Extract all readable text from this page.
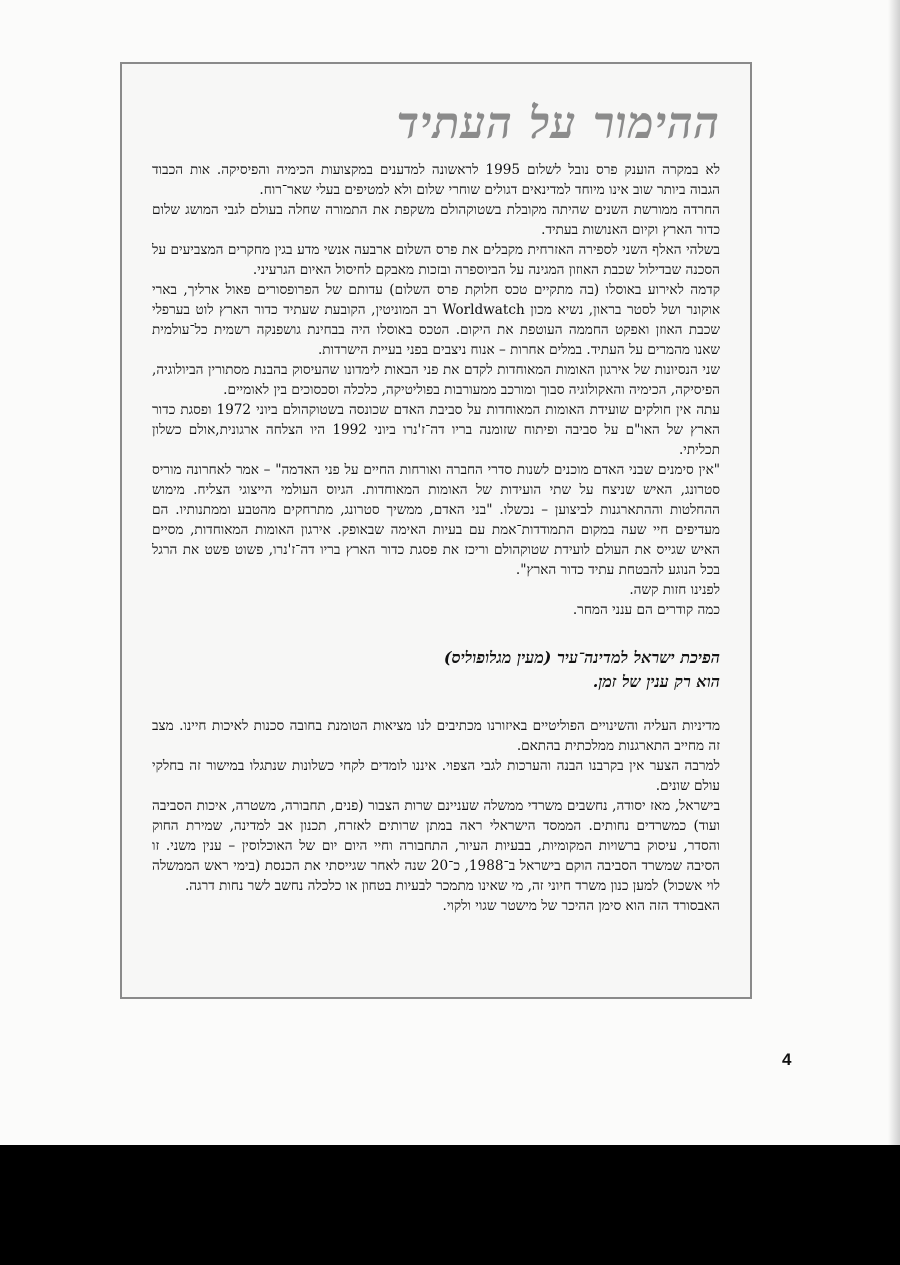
ההימור על העתיד

לא במקרה הוענק פרס נובל לשלום 1995 לראשונה למדענים במקצועות הכימיה והפיסיקה. אות הכבוד הגבוה ביותר שוב אינו מיוחד למדינאים דגולים שוחרי שלום ולא למטיפים בעלי שאר־רוח.

החרדה ממורשת השנים שהיתה מקובלת בשטוקהולם משקפת את התמורה שחלה בעולם לגבי המושג שלום כדור הארץ וקיום האנושות בעתיד.

בשלהי האלף השני לספירה האזרחית מקבלים את פרס השלום ארבעה אנשי מדע בגין מחקרים המצביעים על הסכנה שבדילול שכבת האוזון המגינה על הביוספרה ובזכות מאבקם לחיסול האיום הגרעיני.

קדמה לאירוע באוסלו (בה מתקיים טכס חלוקת פרס השלום) עדותם של הפרופסורים פאול ארליך, בארי אוקונר ושל לסטר בראון, נשיא מכון Worldwatch רב המוניטין, הקובעת שעתיד כדור הארץ לוט בערפלי שכבת האוזן ואפקט החממה העוטפת את היקום. הטכס באוסלו היה בבחינת גושפנקה רשמית כל־עולמית שאנו מהמרים על העתיד. במלים אחרות – אנוח ניצבים בפני בעיית הישרדות.

שני הנסיונות של אירגון האומות המאוחדות לקדם את פני הבאות לימדונו שהעיסוק בהבנת מסתורין הביולוגיה, הפיסיקה, הכימיה והאקולוגיה סבוך ומורכב ממעורבות בפוליטיקה, כלכלה וסכסוכים בין לאומיים.

עתה אין חולקים שועידת האומות המאוחדות על סביבת האדם שכונסה בשטוקהולם ביוני 1972 ופסגת כדור הארץ של האו"ם על סביבה ופיתוח שזומנה בריו דה־ז'נרו ביוני 1992 היו הצלחה ארגונית,אולם כשלון תכליתי.

"אין סימנים שבני האדם מוכנים לשנות סדרי החברה ואורחות החיים על פני האדמה" – אמר לאחרונה מוריס סטרונג, האיש שניצח על שתי הועידות של האומות המאוחדות. הגיוס העולמי הייצוגי הצליח. מימוש ההחלטות וההתארגנות לביצוען – נכשלו. "בני האדם, ממשיך סטרונג, מתרחקים מהטבע וממתנותיו. הם מעדיפים חיי שעה במקום התמודדות־אמת עם בעיות האימה שבאופק. אירגון האומות המאוחדות, מסיים האיש שגייס את העולם לועידת שטוקהולם וריכז את פסגת כדור הארץ בריו דה־ז'נרו, פשוט פשט את הרגל בכל הנוגע להבטחת עתיד כדור הארץ".

לפנינו חזות קשה.

כמה קודרים הם ענני המחר.

הפיכת ישראל למדינה־עיר (מעין מגלופוליס)
הוא רק ענין של זמן.

מדיניות העליה והשינויים הפוליטיים באיזורנו מכתיבים לנו מציאות הטומנת בחובה סכנות לאיכות חיינו. מצב זה מחייב התארגנות ממלכתית בהתאם.

למרבה הצער אין בקרבנו הבנה והערכות לגבי הצפוי. איננו לומדים לקחי כשלונות שנתגלו במישור זה בחלקי עולם שונים.

בישראל, מאז יסודה, נחשבים משרדי ממשלה שעניינם שרות הצבור (פנים, תחבורה, משטרה, איכות הסביבה ועוד) כמשרדים נחותים. הממסד הישראלי ראה במתן שרותים לאזרח, תכנון אב למדינה, שמירת החוק והסדר, עיסוק ברשויות המקומיות, בבעיות העיור, התחבורה וחיי היום יום של האוכלוסין – ענין משני. זו הסיבה שמשרד הסביבה הוקם בישראל ב־1988, כ־20 שנה לאחר שגייסתי את הכנסת (בימי ראש הממשלה לוי אשכול) למען כנון משרד חיוני זה, מי שאינו מתמכר לבעיות בטחון או כלכלה נחשב לשר נחות דרגה.

האבסורד הזה הוא סימן ההיכר של מישטר שגוי ולקוי.

4
